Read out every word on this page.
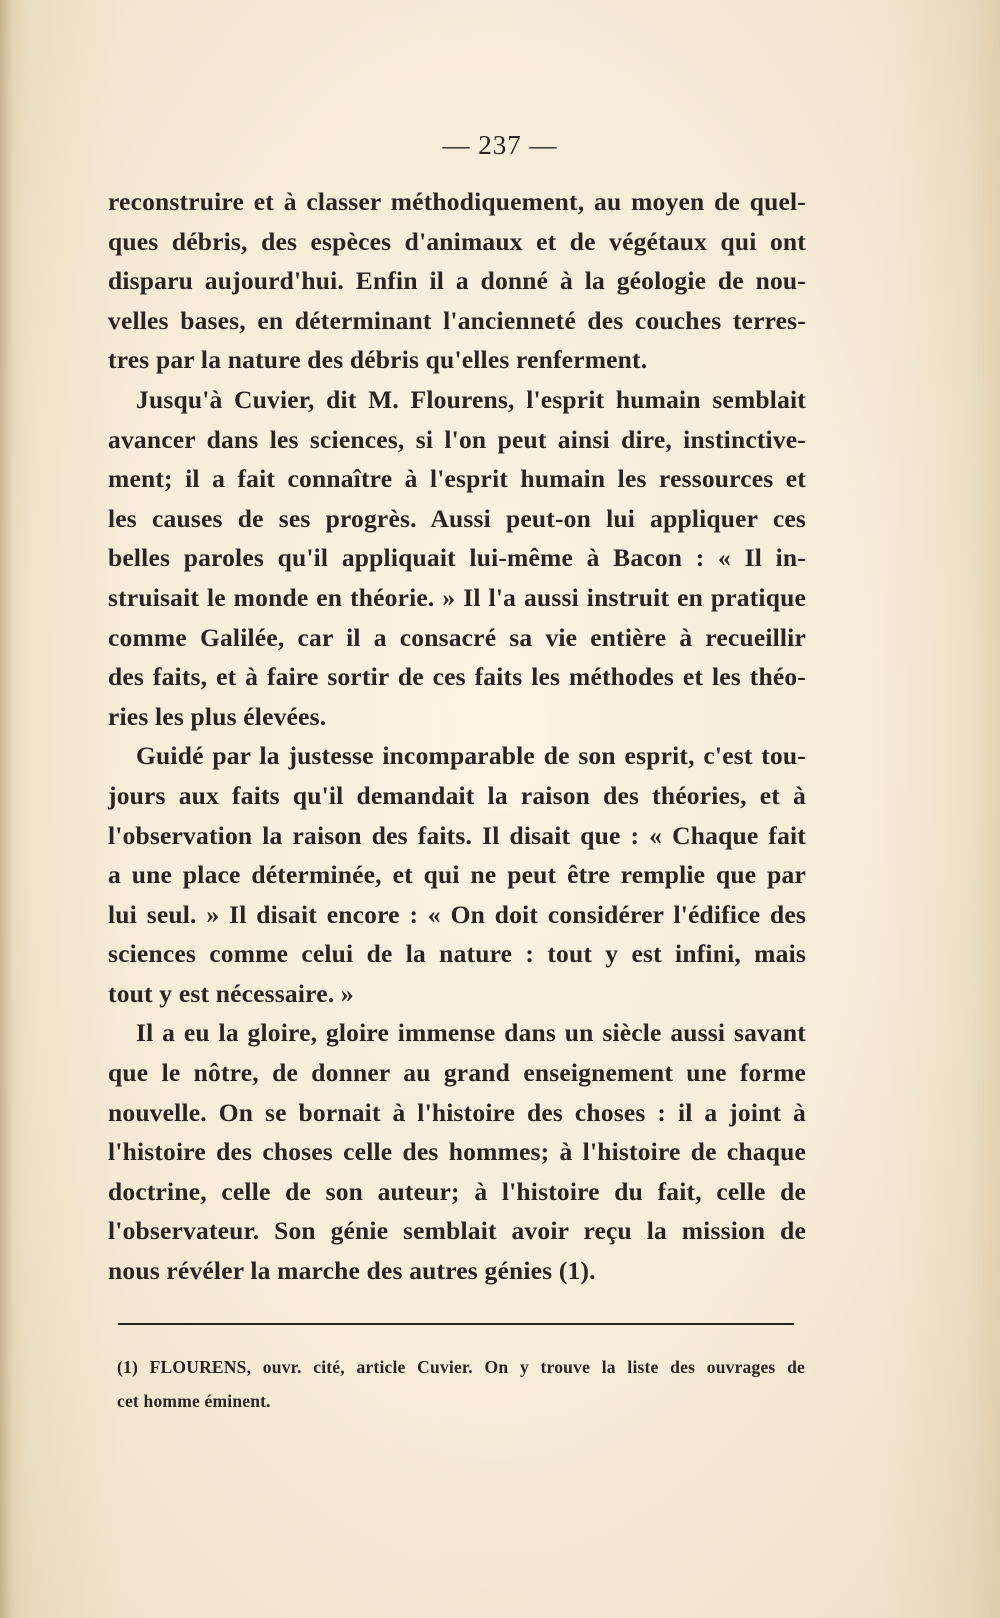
— 237 —
reconstruire et à classer méthodiquement, au moyen de quel-
ques débris, des espèces d'animaux et de végétaux qui ont
disparu aujourd'hui. Enfin il a donné à la géologie de nou-
velles bases, en déterminant l'ancienneté des couches terres-
tres par la nature des débris qu'elles renferment.
Jusqu'à Cuvier, dit M. Flourens, l'esprit humain semblait
avancer dans les sciences, si l'on peut ainsi dire, instinctive-
ment; il a fait connaître à l'esprit humain les ressources et
les causes de ses progrès. Aussi peut-on lui appliquer ces
belles paroles qu'il appliquait lui-même à Bacon : « Il in-
struisait le monde en théorie. » Il l'a aussi instruit en pratique
comme Galilée, car il a consacré sa vie entière à recueillir
des faits, et à faire sortir de ces faits les méthodes et les théo-
ries les plus élevées.
Guidé par la justesse incomparable de son esprit, c'est tou-
jours aux faits qu'il demandait la raison des théories, et à
l'observation la raison des faits. Il disait que : « Chaque fait
a une place déterminée, et qui ne peut être remplie que par
lui seul. » Il disait encore : « On doit considérer l'édifice des
sciences comme celui de la nature : tout y est infini, mais
tout y est nécessaire. »
Il a eu la gloire, gloire immense dans un siècle aussi savant
que le nôtre, de donner au grand enseignement une forme
nouvelle. On se bornait à l'histoire des choses : il a joint à
l'histoire des choses celle des hommes; à l'histoire de chaque
doctrine, celle de son auteur; à l'histoire du fait, celle de
l'observateur. Son génie semblait avoir reçu la mission de
nous révéler la marche des autres génies (1).
(1) FLOURENS, ouvr. cité, article Cuvier. On y trouve la liste des ouvrages de
cet homme éminent.
